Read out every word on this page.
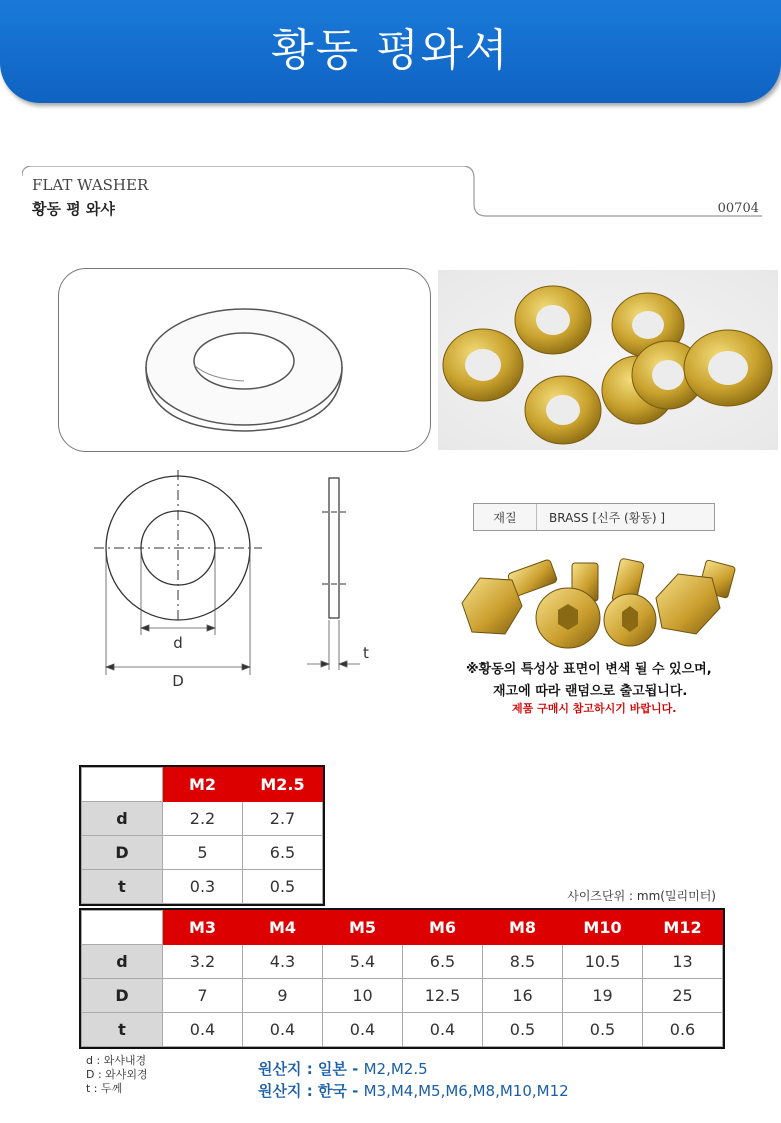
황동 평와셔
FLAT WASHER
황동 평 와샤	00704
d
D
t
재질	BRASS [신주 (황동) ]
※황동의 특성상 표면이 변색 될 수 있으며,
재고에 따라 랜덤으로 출고됩니다.
제품 구매시 참고하시기 바랍니다.
	M2	M2.5
d	2.2	2.7
D	5	6.5
t	0.3	0.5	사이즈단위 : mm(밀리미터)
	M3	M4	M5	M6	M8	M10	M12
d	3.2	4.3	5.4	6.5	8.5	10.5	13
D	7	9	10	12.5	16	19	25
t	0.4	0.4	0.4	0.4	0.5	0.5	0.6
d : 와샤내경
D : 와샤외경
t : 두께
원산지 : 일본 - M2,M2.5
원산지 : 한국 - M3,M4,M5,M6,M8,M10,M12
